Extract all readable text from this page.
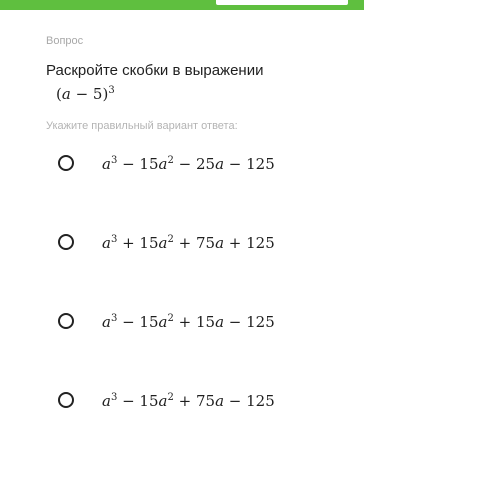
Вопрос
Раскройте скобки в выражении
$(a - 5)^3$
Укажите правильный вариант ответа:
$a^3 - 15a^2 - 25a - 125$
$a^3 + 15a^2 + 75a + 125$
$a^3 - 15a^2 + 15a - 125$
$a^3 - 15a^2 + 75a - 125$
